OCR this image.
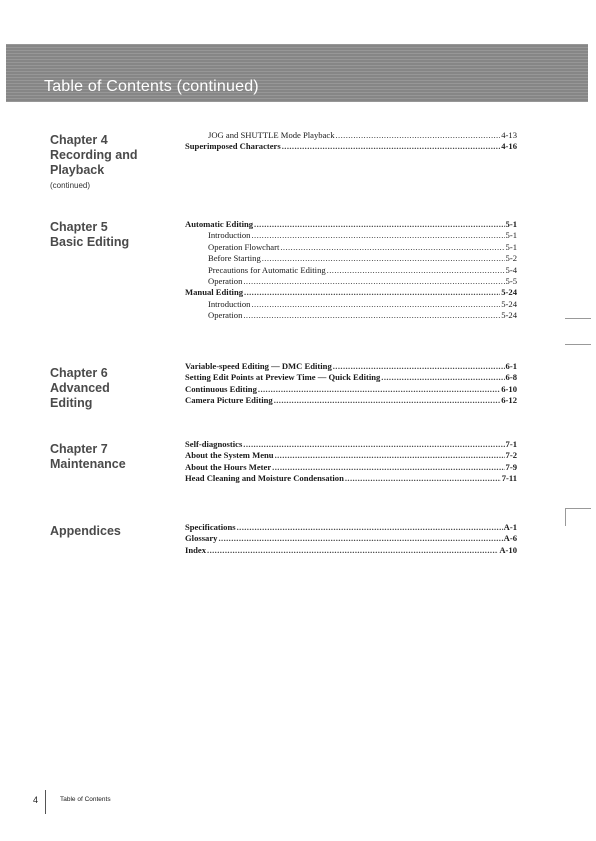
Table of Contents (continued)
Chapter 4
Recording and
Playback
(continued)
JOG and SHUTTLE Mode Playback .....	4-13
Superimposed Characters .....	4-16
Chapter 5
Basic Editing
Automatic Editing .....	5-1
Introduction .....	5-1
Operation Flowchart .....	5-1
Before Starting .....	5-2
Precautions for Automatic Editing .....	5-4
Operation .....	5-5
Manual Editing .....	5-24
Introduction .....	5-24
Operation .....	5-24
Chapter 6
Advanced
Editing
Variable-speed Editing — DMC Editing .....	6-1
Setting Edit Points at Preview Time — Quick Editing .....	6-8
Continuous Editing .....	6-10
Camera Picture Editing .....	6-12
Chapter 7
Maintenance
Self-diagnostics .....	7-1
About the System Menu .....	7-2
About the Hours Meter .....	7-9
Head Cleaning and Moisture Condensation .....	7-11
Appendices	Specifications .....	A-1
Glossary .....	A-6
Index .....	A-10
4	Table of Contents
